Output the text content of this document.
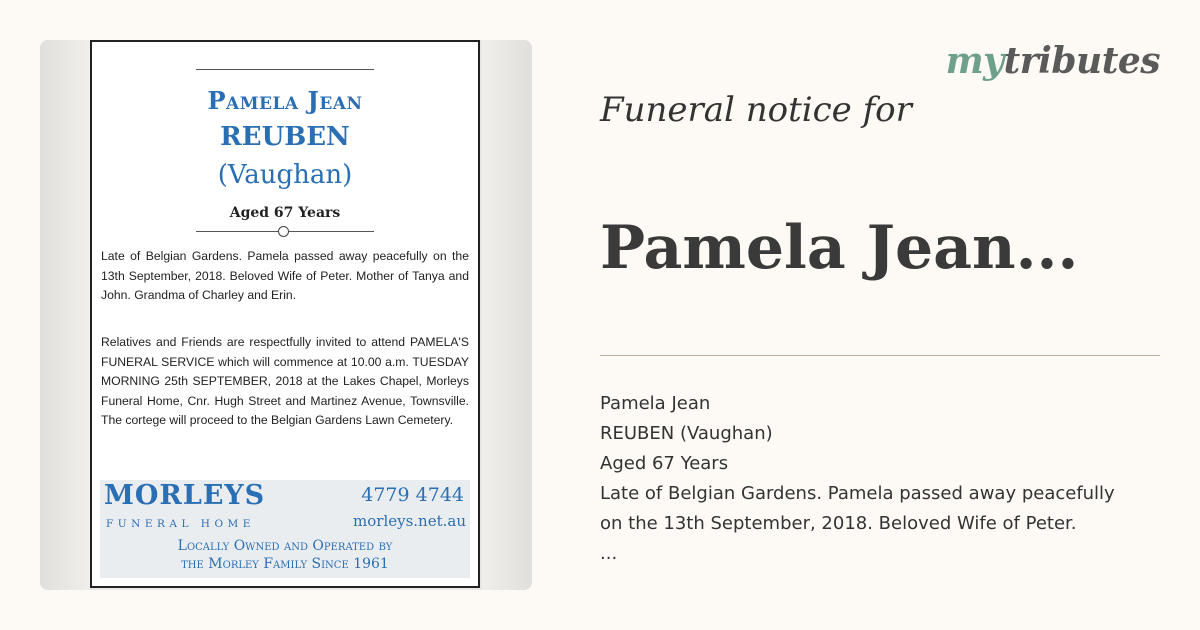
Pamela Jean
REUBEN
(Vaughan)
Aged 67 Years
Late of Belgian Gardens. Pamela passed away peacefully on the 13th September, 2018. Beloved Wife of Peter. Mother of Tanya and John. Grandma of Charley and Erin.
Relatives and Friends are respectfully invited to attend PAMELA'S FUNERAL SERVICE which will commence at 10.00 a.m. TUESDAY MORNING 25th SEPTEMBER, 2018 at the Lakes Chapel, Morleys Funeral Home, Cnr. Hugh Street and Martinez Avenue, Townsville. The cortege will proceed to the Belgian Gardens Lawn Cemetery.
MORLEYS
FUNERAL HOME
4779 4744
morleys.net.au
Locally Owned and Operated by
the Morley Family Since 1961
mytributes
Funeral notice for
Pamela Jean...
Pamela Jean
REUBEN (Vaughan)
Aged 67 Years
Late of Belgian Gardens. Pamela passed away peacefully
on the 13th September, 2018. Beloved Wife of Peter.
...
